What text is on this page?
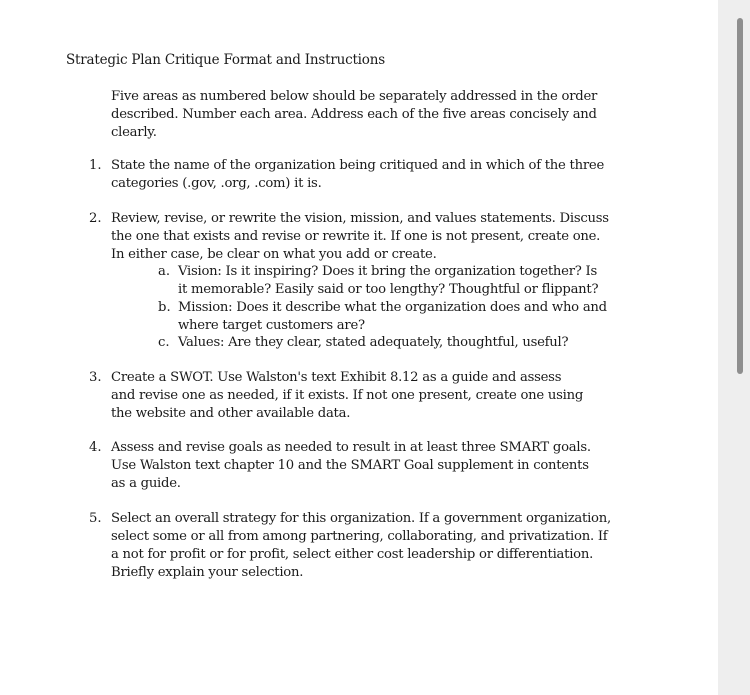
Strategic Plan Critique Format and Instructions
Five areas as numbered below should be separately addressed in the order described. Number each area. Address each of the five areas concisely and clearly.
1. State the name of the organization being critiqued and in which of the three categories (.gov, .org, .com) it is.
2. Review, revise, or rewrite the vision, mission, and values statements. Discuss the one that exists and revise or rewrite it. If one is not present, create one. In either case, be clear on what you add or create.
a. Vision: Is it inspiring? Does it bring the organization together? Is it memorable? Easily said or too lengthy? Thoughtful or flippant?
b. Mission: Does it describe what the organization does and who and where target customers are?
c. Values: Are they clear, stated adequately, thoughtful, useful?
3. Create a SWOT. Use Walston's text Exhibit 8.12 as a guide and assess and revise one as needed, if it exists. If not one present, create one using the website and other available data.
4. Assess and revise goals as needed to result in at least three SMART goals. Use Walston text chapter 10 and the SMART Goal supplement in contents as a guide.
5. Select an overall strategy for this organization. If a government organization, select some or all from among partnering, collaborating, and privatization. If a not for profit or for profit, select either cost leadership or differentiation. Briefly explain your selection.
